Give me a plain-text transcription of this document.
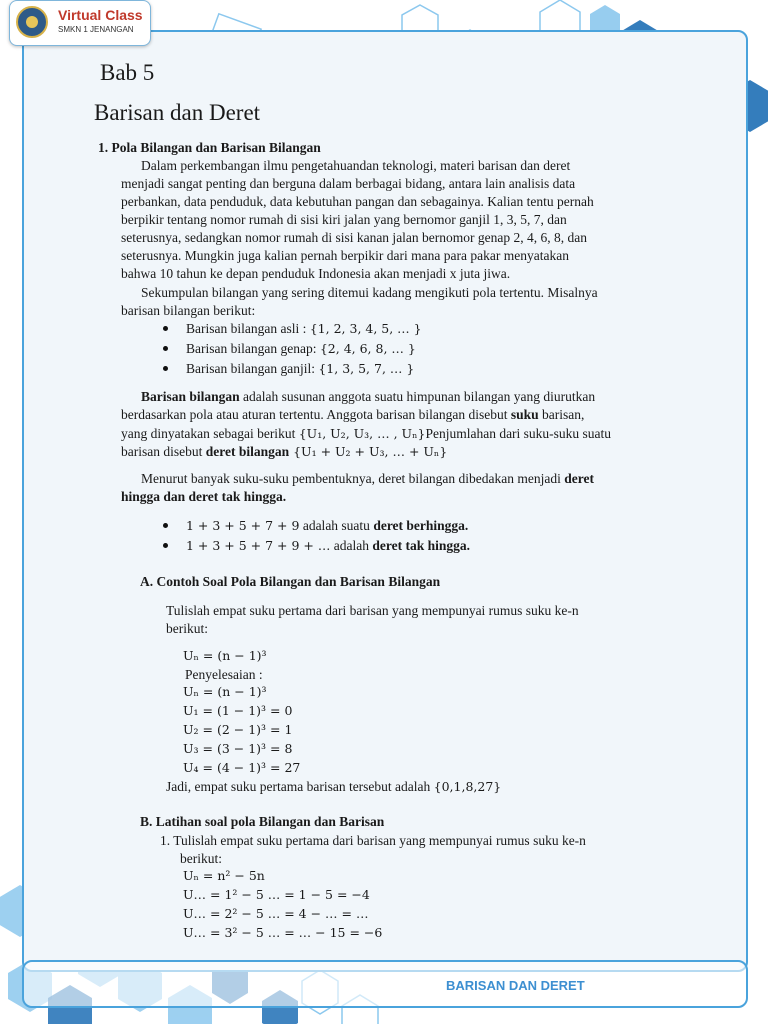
Virtual Class
SMKN 1 JENANGAN

Bab 5

Barisan dan Deret

1. Pola Bilangan dan Barisan Bilangan

Dalam perkembangan ilmu pengetahuandan teknologi, materi barisan dan deret

menjadi sangat penting dan berguna dalam berbagai bidang, antara lain analisis data

perbankan, data penduduk, data kebutuhan pangan dan sebagainya. Kalian tentu pernah

berpikir tentang nomor rumah di sisi kiri jalan yang bernomor ganjil 1, 3, 5, 7, dan

seterusnya, sedangkan nomor rumah di sisi kanan jalan bernomor genap 2, 4, 6, 8, dan

seterusnya. Mungkin juga kalian pernah berpikir dari mana para pakar menyatakan

bahwa 10 tahun ke depan penduduk Indonesia akan menjadi x juta jiwa.

Sekumpulan bilangan yang sering ditemui kadang mengikuti pola tertentu. Misalnya

barisan bilangan berikut:

Barisan bilangan asli : {1, 2, 3, 4, 5, … }

Barisan bilangan genap: {2, 4, 6, 8, … }

Barisan bilangan ganjil: {1, 3, 5, 7, … }

Barisan bilangan adalah susunan anggota suatu himpunan bilangan yang diurutkan

berdasarkan pola atau aturan tertentu. Anggota barisan bilangan disebut suku barisan,

yang dinyatakan sebagai berikut {U₁, U₂, U₃, … , Uₙ}Penjumlahan dari suku-suku suatu

barisan disebut deret bilangan {U₁ + U₂ + U₃, … + Uₙ}

Menurut banyak suku-suku pembentuknya, deret bilangan dibedakan menjadi deret

hingga dan deret tak hingga.

1 + 3 + 5 + 7 + 9 adalah suatu deret berhingga.

1 + 3 + 5 + 7 + 9 + … adalah deret tak hingga.

A. Contoh Soal Pola Bilangan dan Barisan Bilangan

Tulislah empat suku pertama dari barisan yang mempunyai rumus suku ke-n

berikut:

Uₙ = (n − 1)³

Penyelesaian :

Uₙ = (n − 1)³

U₁ = (1 − 1)³ = 0

U₂ = (2 − 1)³ = 1

U₃ = (3 − 1)³ = 8

U₄ = (4 − 1)³ = 27

Jadi, empat suku pertama barisan tersebut adalah {0,1,8,27}

B. Latihan soal pola Bilangan dan Barisan

1. Tulislah empat suku pertama dari barisan yang mempunyai rumus suku ke-n

berikut:

Uₙ = n² − 5n

U… = 1² − 5 … = 1 − 5 = −4

U… = 2² − 5 … = 4 − … = …

U… = 3² − 5 … = … − 15 = −6

BARISAN DAN DERET
